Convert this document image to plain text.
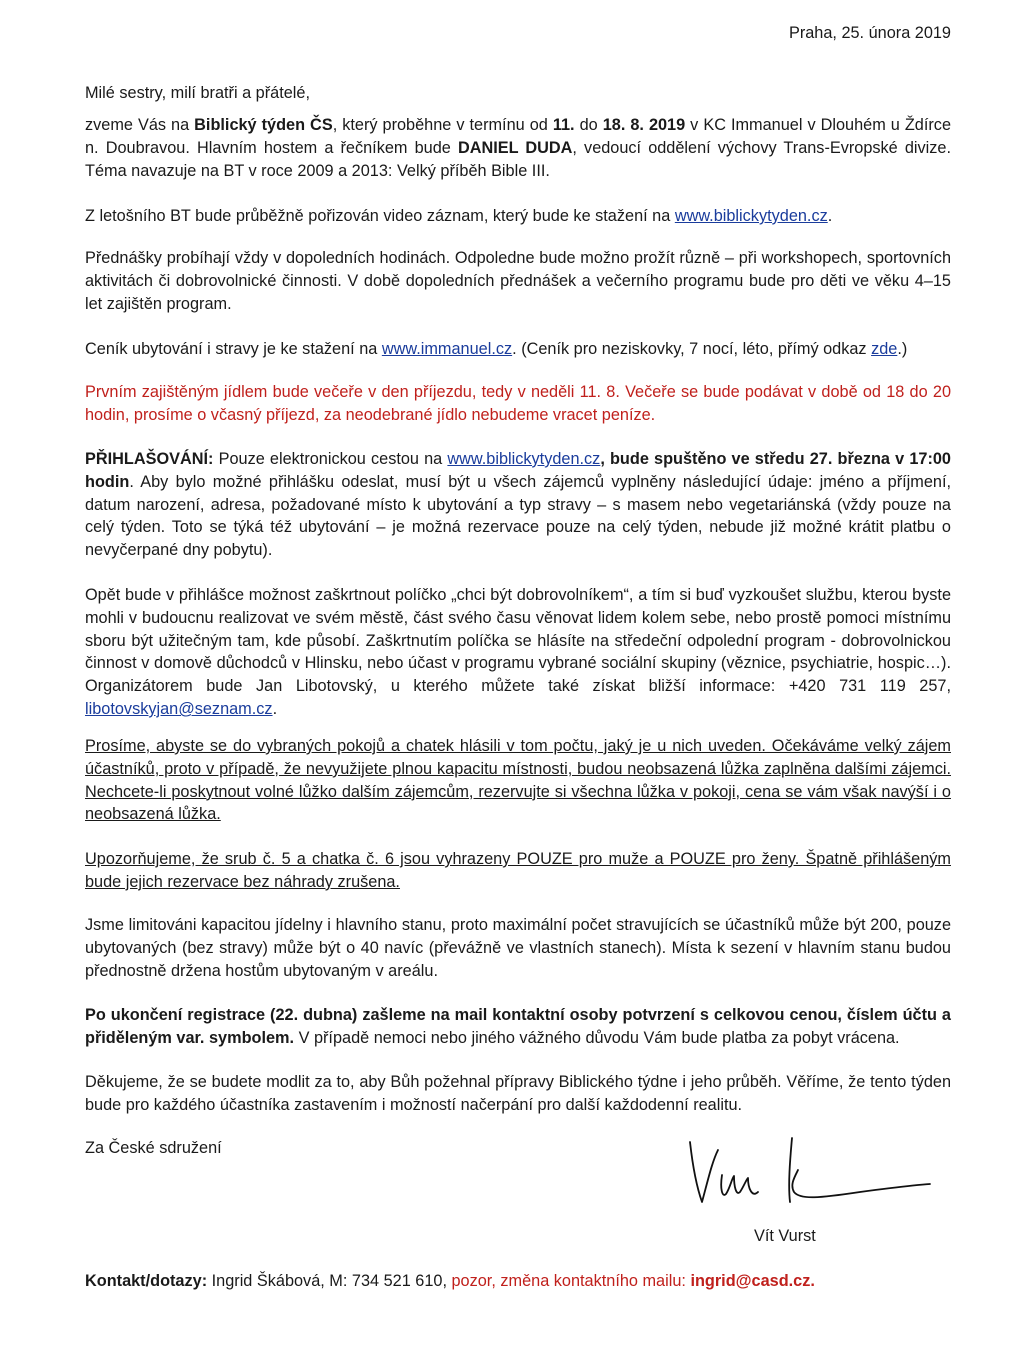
Praha, 25. února 2019

Milé sestry, milí bratři a přátelé,

zveme Vás na Biblický týden ČS, který proběhne v termínu od 11. do 18. 8. 2019 v KC Immanuel v Dlouhém u Ždírce n. Doubravou. Hlavním hostem a řečníkem bude DANIEL DUDA, vedoucí oddělení výchovy Trans-Evropské divize. Téma navazuje na BT v roce 2009 a 2013: Velký příběh Bible III.

Z letošního BT bude průběžně pořizován video záznam, který bude ke stažení na www.biblickytyden.cz.

Přednášky probíhají vždy v dopoledních hodinách. Odpoledne bude možno prožít různě – při workshopech, sportovních aktivitách či dobrovolnické činnosti. V době dopoledních přednášek a večerního programu bude pro děti ve věku 4–15 let zajištěn program.

Ceník ubytování i stravy je ke stažení na www.immanuel.cz. (Ceník pro neziskovky, 7 nocí, léto, přímý odkaz zde.)

Prvním zajištěným jídlem bude večeře v den příjezdu, tedy v neděli 11. 8. Večeře se bude podávat v době od 18 do 20 hodin, prosíme o včasný příjezd, za neodebrané jídlo nebudeme vracet peníze.

PŘIHLAŠOVÁNÍ: Pouze elektronickou cestou na www.biblickytyden.cz, bude spuštěno ve středu 27. března v 17:00 hodin. Aby bylo možné přihlášku odeslat, musí být u všech zájemců vyplněny následující údaje: jméno a příjmení, datum narození, adresa, požadované místo k ubytování a typ stravy – s masem nebo vegetariánská (vždy pouze na celý týden. Toto se týká též ubytování – je možná rezervace pouze na celý týden, nebude již možné krátit platbu o nevyčerpané dny pobytu).

Opět bude v přihlášce možnost zaškrtnout políčko „chci být dobrovolníkem“, a tím si buď vyzkoušet službu, kterou byste mohli v budoucnu realizovat ve svém městě, část svého času věnovat lidem kolem sebe, nebo prostě pomoci místnímu sboru být užitečným tam, kde působí. Zaškrtnutím políčka se hlásíte na středeční odpolední program - dobrovolnickou činnost v domově důchodců v Hlinsku, nebo účast v programu vybrané sociální skupiny (věznice, psychiatrie, hospic…). Organizátorem bude Jan Libotovský, u kterého můžete také získat bližší informace: +420 731 119 257, libotovskyjan@seznam.cz.

Prosíme, abyste se do vybraných pokojů a chatek hlásili v tom počtu, jaký je u nich uveden. Očekáváme velký zájem účastníků, proto v případě, že nevyužijete plnou kapacitu místnosti, budou neobsazená lůžka zaplněna dalšími zájemci. Nechcete-li poskytnout volné lůžko dalším zájemcům, rezervujte si všechna lůžka v pokoji, cena se vám však navýší i o neobsazená lůžka.

Upozorňujeme, že srub č. 5 a chatka č. 6 jsou vyhrazeny POUZE pro muže a POUZE pro ženy. Špatně přihlášeným bude jejich rezervace bez náhrady zrušena.

Jsme limitováni kapacitou jídelny i hlavního stanu, proto maximální počet stravujících se účastníků může být 200, pouze ubytovaných (bez stravy) může být o 40 navíc (převážně ve vlastních stanech). Místa k sezení v hlavním stanu budou přednostně držena hostům ubytovaným v areálu.

Po ukončení registrace (22. dubna) zašleme na mail kontaktní osoby potvrzení s celkovou cenou, číslem účtu a přiděleným var. symbolem. V případě nemoci nebo jiného vážného důvodu Vám bude platba za pobyt vrácena.

Děkujeme, že se budete modlit za to, aby Bůh požehnal přípravy Biblického týdne i jeho průběh. Věříme, že tento týden bude pro každého účastníka zastavením i možností načerpání pro další každodenní realitu.

Za České sdružení
Vít Vurst
Kontakt/dotazy: Ingrid Škábová, M: 734 521 610, pozor, změna kontaktního mailu: ingrid@casd.cz.
